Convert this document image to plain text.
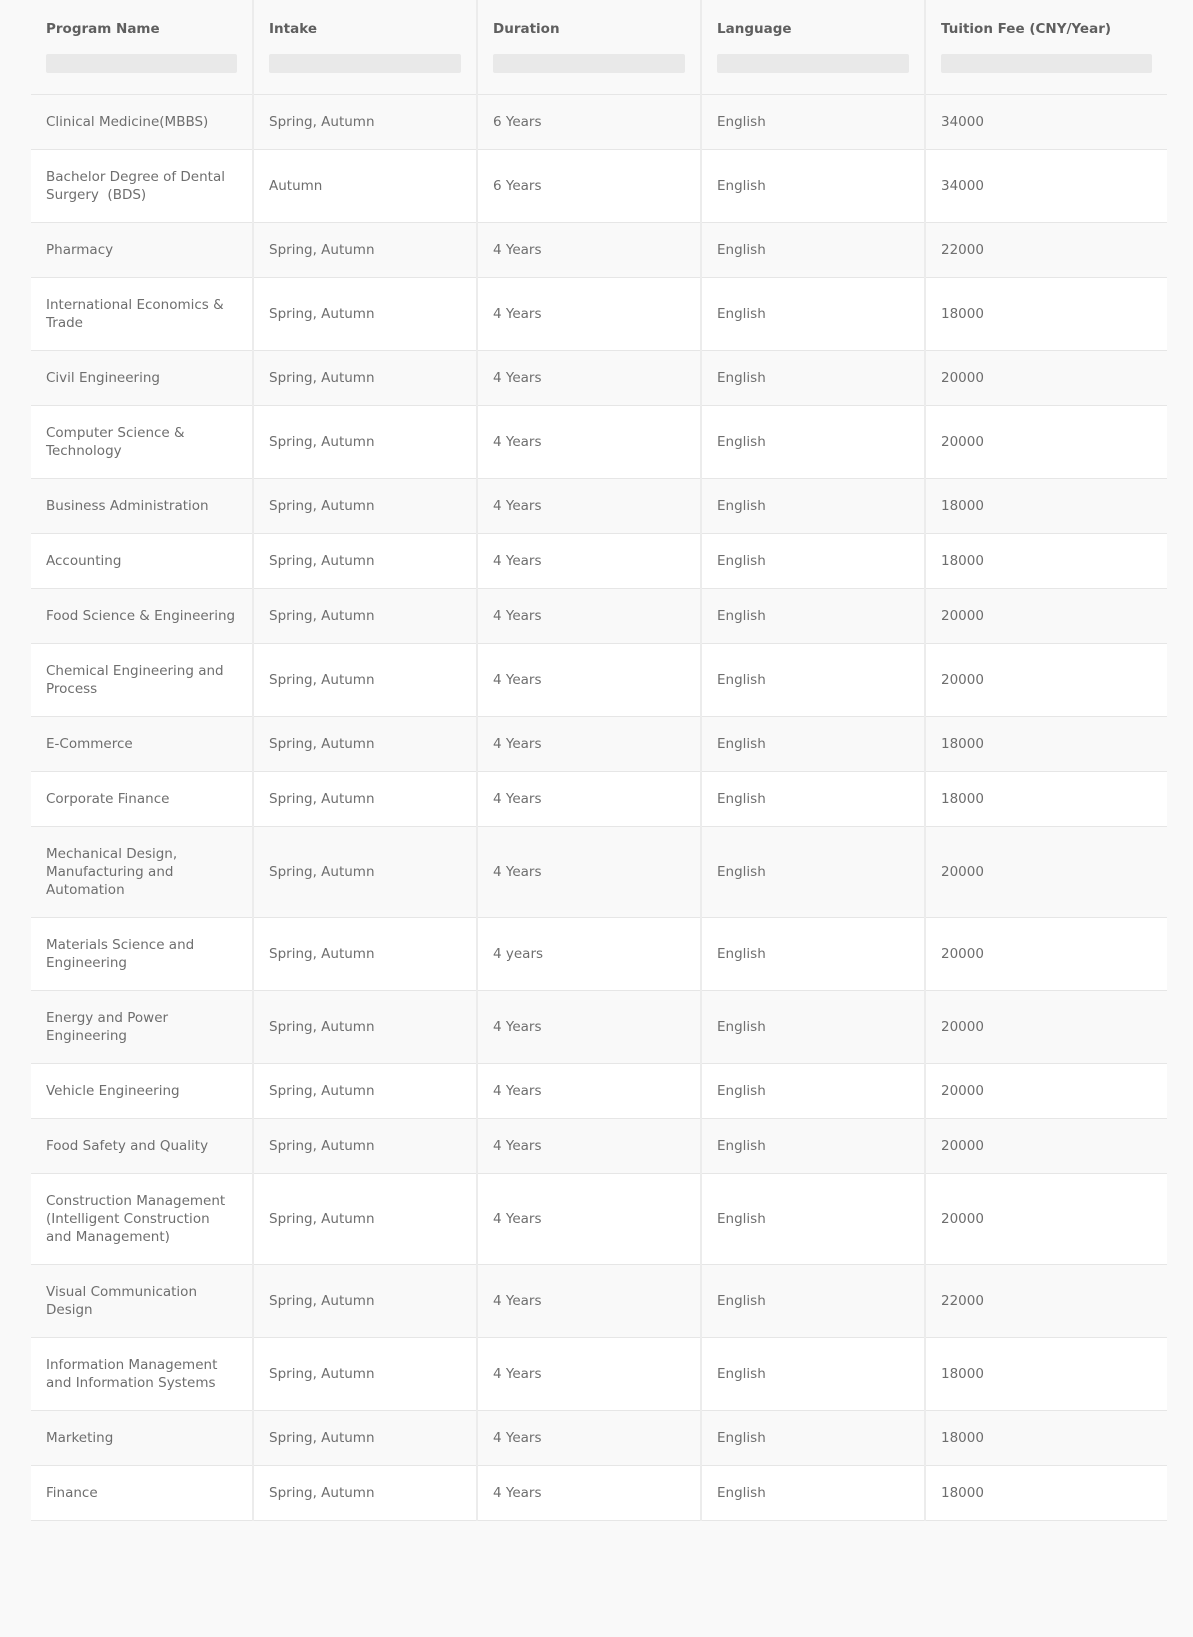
Program Name	Intake	Duration	Language	Tuition Fee (CNY/Year)

Clinical Medicine(MBBS)	Spring, Autumn	6 Years	English	34000
Bachelor Degree of Dental Surgery  (BDS)	Autumn	6 Years	English	34000
Pharmacy	Spring, Autumn	4 Years	English	22000
International Economics & Trade	Spring, Autumn	4 Years	English	18000
Civil Engineering	Spring, Autumn	4 Years	English	20000
Computer Science & Technology	Spring, Autumn	4 Years	English	20000
Business Administration	Spring, Autumn	4 Years	English	18000
Accounting	Spring, Autumn	4 Years	English	18000
Food Science & Engineering	Spring, Autumn	4 Years	English	20000
Chemical Engineering and Process	Spring, Autumn	4 Years	English	20000
E-Commerce	Spring, Autumn	4 Years	English	18000
Corporate Finance	Spring, Autumn	4 Years	English	18000
Mechanical Design, Manufacturing and Automation	Spring, Autumn	4 Years	English	20000
Materials Science and Engineering	Spring, Autumn	4 years	English	20000
Energy and Power Engineering	Spring, Autumn	4 Years	English	20000
Vehicle Engineering	Spring, Autumn	4 Years	English	20000
Food Safety and Quality	Spring, Autumn	4 Years	English	20000
Construction Management (Intelligent Construction and Management)	Spring, Autumn	4 Years	English	20000
Visual Communication Design	Spring, Autumn	4 Years	English	22000
Information Management and Information Systems	Spring, Autumn	4 Years	English	18000
Marketing	Spring, Autumn	4 Years	English	18000
Finance	Spring, Autumn	4 Years	English	18000
